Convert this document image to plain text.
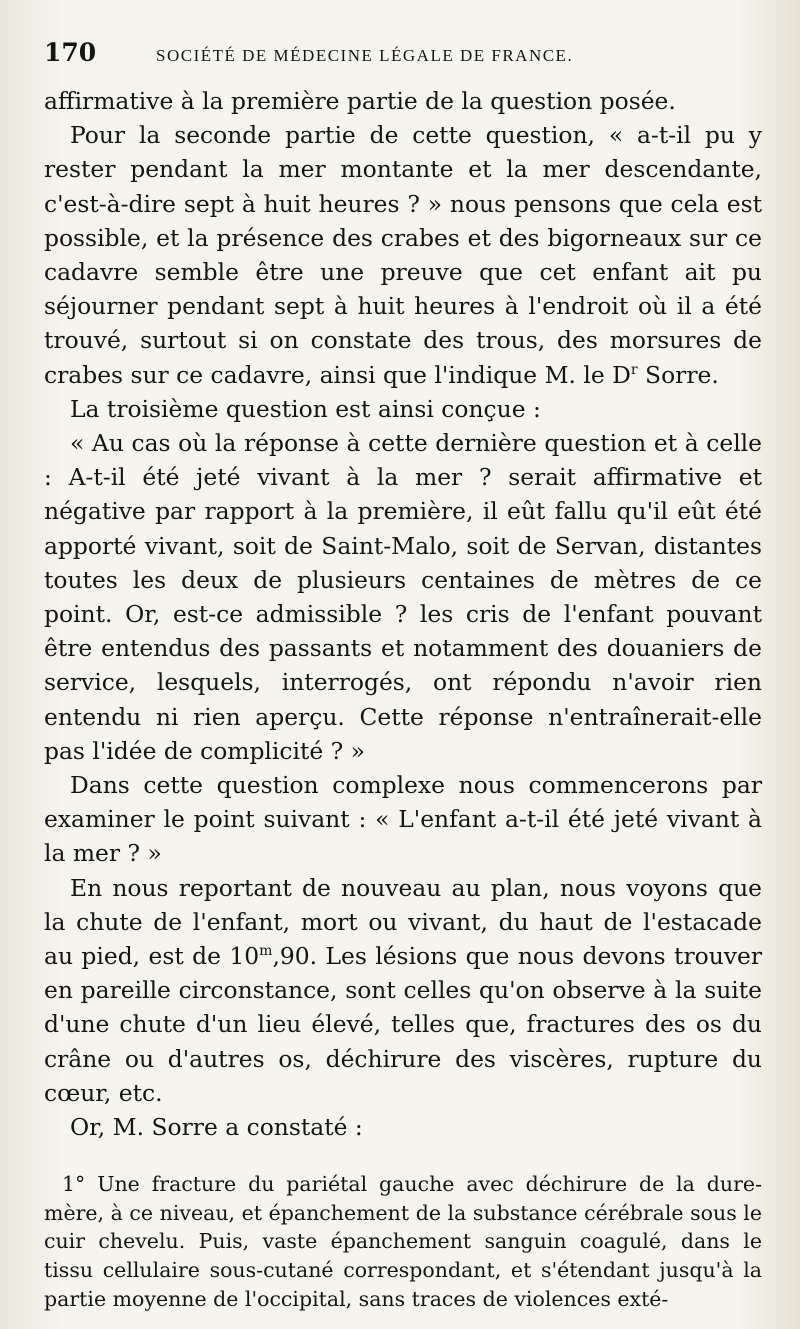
170	SOCIÉTÉ DE MÉDECINE LÉGALE DE FRANCE.

affirmative à la première partie de la question posée.

Pour la seconde partie de cette question, « a-t-il pu y rester pendant la mer montante et la mer descendante, c'est-à-dire sept à huit heures ? » nous pensons que cela est possible, et la présence des crabes et des bigorneaux sur ce cadavre semble être une preuve que cet enfant ait pu séjourner pendant sept à huit heures à l'endroit où il a été trouvé, surtout si on constate des trous, des morsures de crabes sur ce cadavre, ainsi que l'indique M. le $D^r$ Sorre.

La troisième question est ainsi conçue :

« Au cas où la réponse à cette dernière question et à celle : A-t-il été jeté vivant à la mer ? serait affirmative et négative par rapport à la première, il eût fallu qu'il eût été apporté vivant, soit de Saint-Malo, soit de Servan, distantes toutes les deux de plusieurs centaines de mètres de ce point. Or, est-ce admissible ? les cris de l'enfant pouvant être entendus des passants et notamment des douaniers de service, lesquels, interrogés, ont répondu n'avoir rien entendu ni rien aperçu. Cette réponse n'entraînerait-elle pas l'idée de complicité ? »

Dans cette question complexe nous commencerons par examiner le point suivant : « L'enfant a-t-il été jeté vivant à la mer ? »

En nous reportant de nouveau au plan, nous voyons que la chute de l'enfant, mort ou vivant, du haut de l'estacade au pied, est de 10$^m$,90. Les lésions que nous devons trouver en pareille circonstance, sont celles qu'on observe à la suite d'une chute d'un lieu élevé, telles que, fractures des os du crâne ou d'autres os, déchirure des viscères, rupture du cœur, etc.

Or, M. Sorre a constaté :

1° Une fracture du pariétal gauche avec déchirure de la dure-mère, à ce niveau, et épanchement de la substance cérébrale sous le cuir chevelu. Puis, vaste épanchement sanguin coagulé, dans le tissu cellulaire sous-cutané correspondant, et s'étendant jusqu'à la partie moyenne de l'occipital, sans traces de violences exté-
